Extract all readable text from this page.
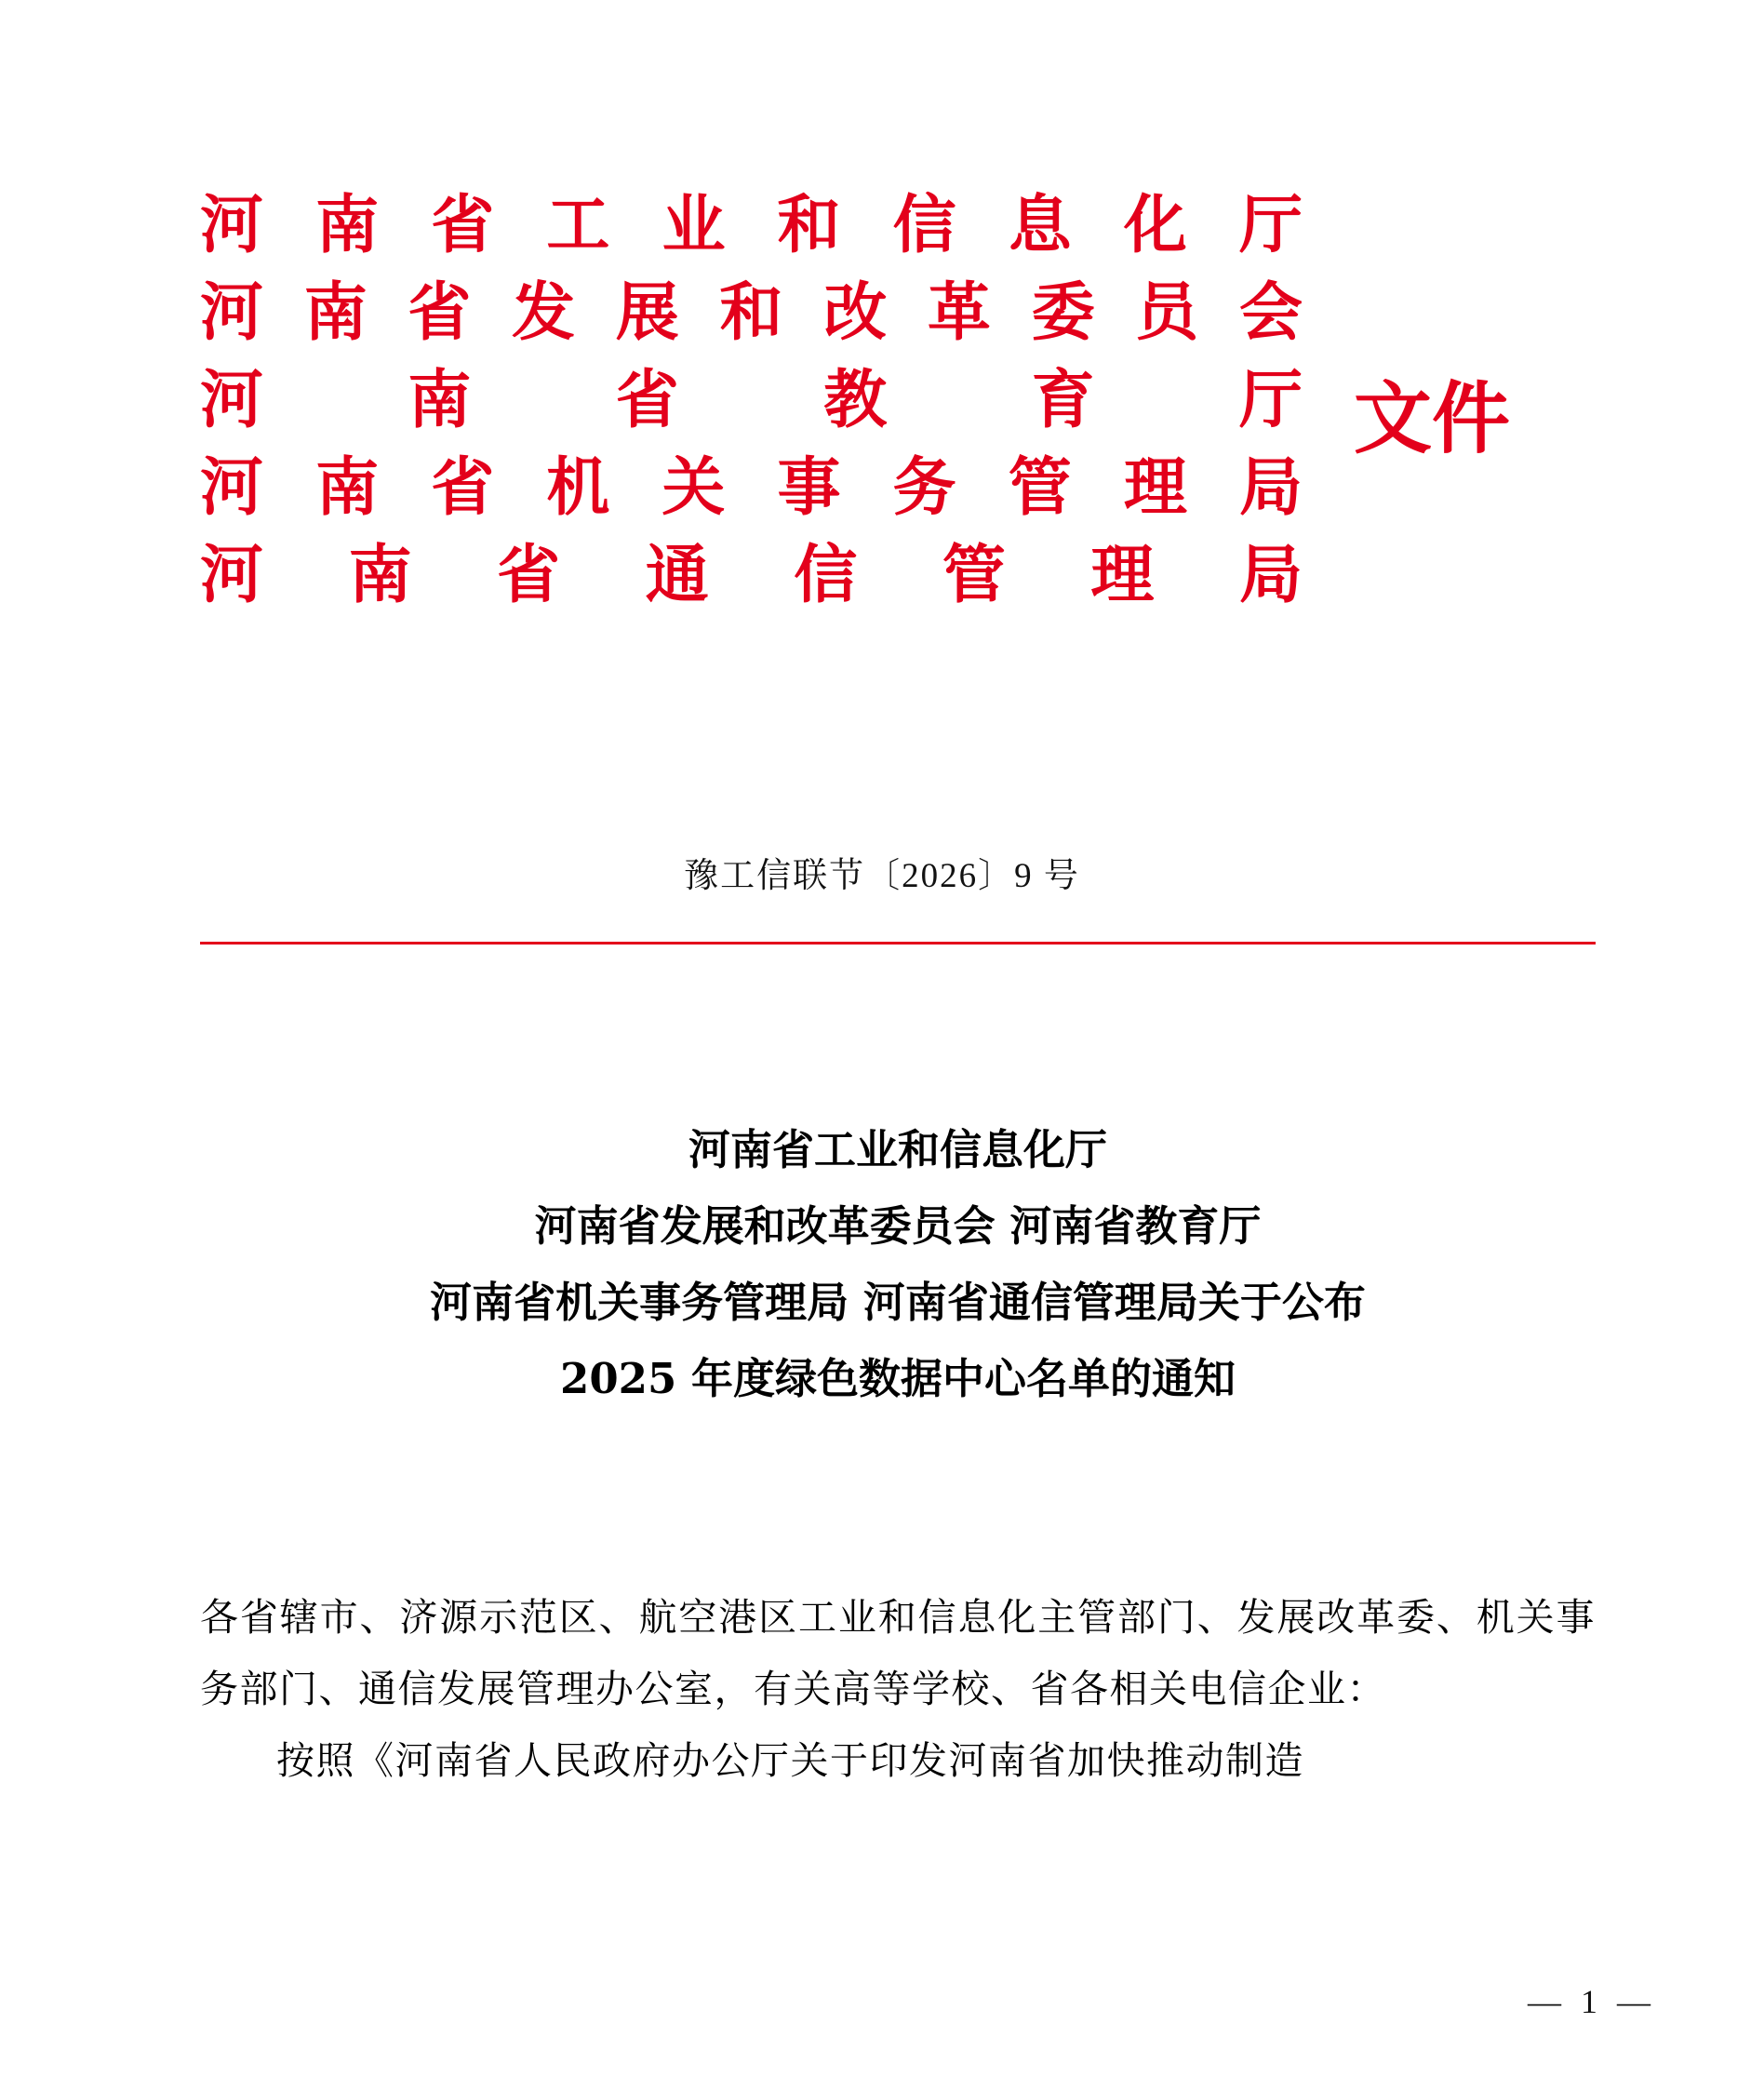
河南省工业和信息化厅
河南省发展和改革委员会
河南省教育厅
河南省机关事务管理局
河南省通信管理局
文件
豫工信联节〔2026〕9 号
河南省工业和信息化厅
河南省发展和改革委员会 河南省教育厅
河南省机关事务管理局 河南省通信管理局关于公布
2025 年度绿色数据中心名单的通知

各省辖市、济源示范区、航空港区工业和信息化主管部门、发展改革委、机关事务部门、通信发展管理办公室，有关高等学校、省各相关电信企业：

按照《河南省人民政府办公厅关于印发河南省加快推动制造

— 1 —
